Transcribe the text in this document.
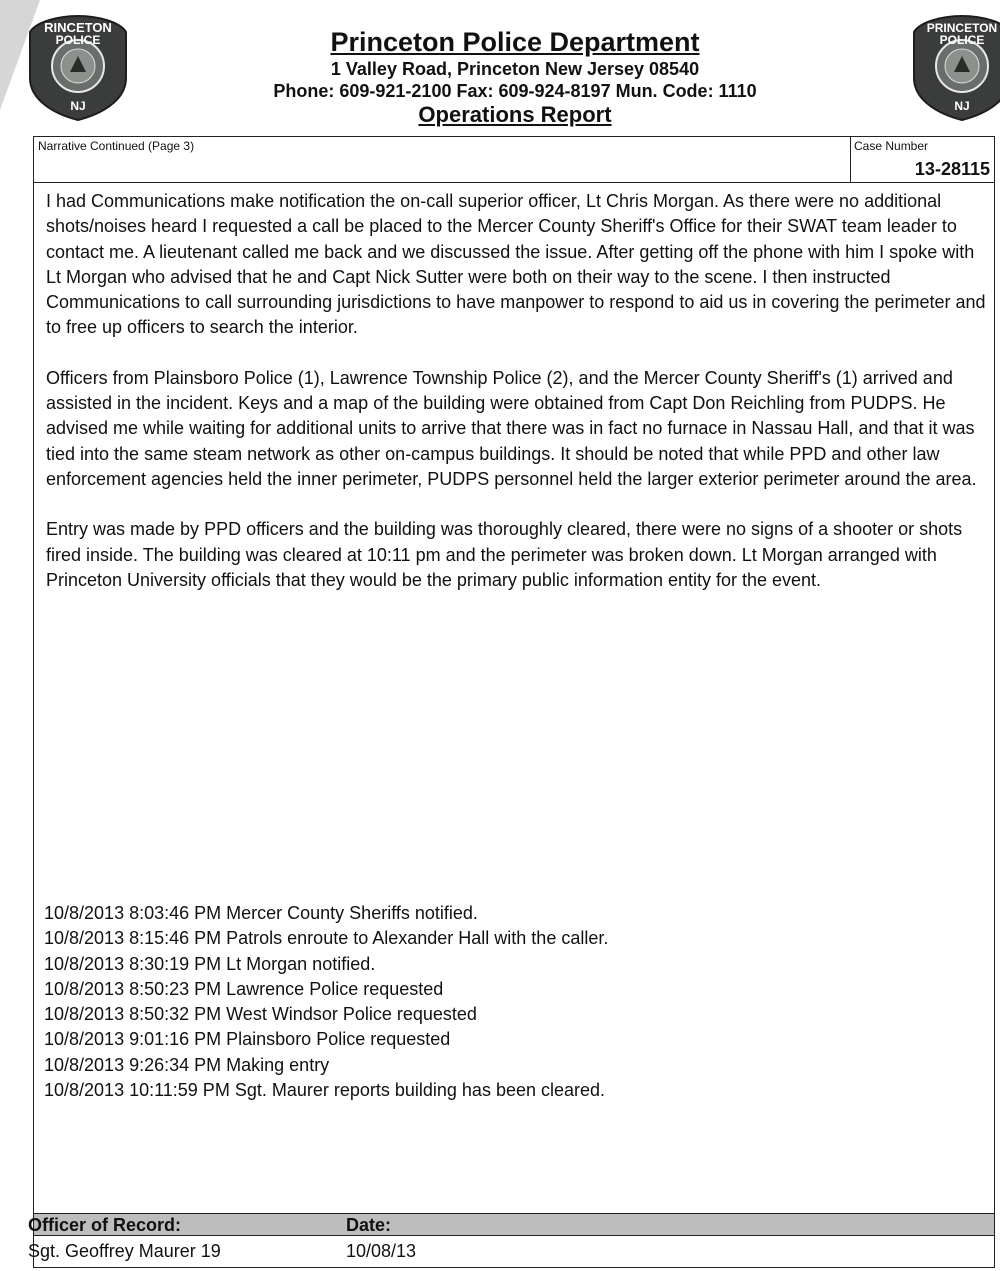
RINCETON
POLICE
NJ
PRINCETON
POLICE
NJ
Princeton Police Department
1 Valley Road, Princeton New Jersey 08540
Phone: 609-921-2100 Fax: 609-924-8197 Mun. Code: 1110
Operations Report
Narrative Continued (Page 3)	Case Number
13-28115

I had Communications make notification the on-call superior officer, Lt Chris Morgan. As there were no additional shots/noises heard I requested a call be placed to the Mercer County Sheriff's Office for their SWAT team leader to contact me. A lieutenant called me back and we discussed the issue. After getting off the phone with him I spoke with Lt Morgan who advised that he and Capt Nick Sutter were both on their way to the scene. I then instructed Communications to call surrounding jurisdictions to have manpower to respond to aid us in covering the perimeter and to free up officers to search the interior.

Officers from Plainsboro Police (1), Lawrence Township Police (2), and the Mercer County Sheriff's (1) arrived and assisted in the incident. Keys and a map of the building were obtained from Capt Don Reichling from PUDPS. He advised me while waiting for additional units to arrive that there was in fact no furnace in Nassau Hall, and that it was tied into the same steam network as other on-campus buildings. It should be noted that while PPD and other law enforcement agencies held the inner perimeter, PUDPS personnel held the larger exterior perimeter around the area.

Entry was made by PPD officers and the building was thoroughly cleared, there were no signs of a shooter or shots fired inside. The building was cleared at 10:11 pm and the perimeter was broken down. Lt Morgan arranged with Princeton University officials that they would be the primary public information entity for the event.

10/8/2013 8:03:46 PM Mercer County Sheriffs notified.
10/8/2013 8:15:46 PM Patrols enroute to Alexander Hall with the caller.
10/8/2013 8:30:19 PM Lt Morgan notified.
10/8/2013 8:50:23 PM Lawrence Police requested
10/8/2013 8:50:32 PM West Windsor Police requested
10/8/2013 9:01:16 PM Plainsboro Police requested
10/8/2013 9:26:34 PM Making entry
10/8/2013 10:11:59 PM Sgt. Maurer reports building has been cleared.
Officer of Record:	Date:
Sgt. Geoffrey Maurer 19	10/08/13
